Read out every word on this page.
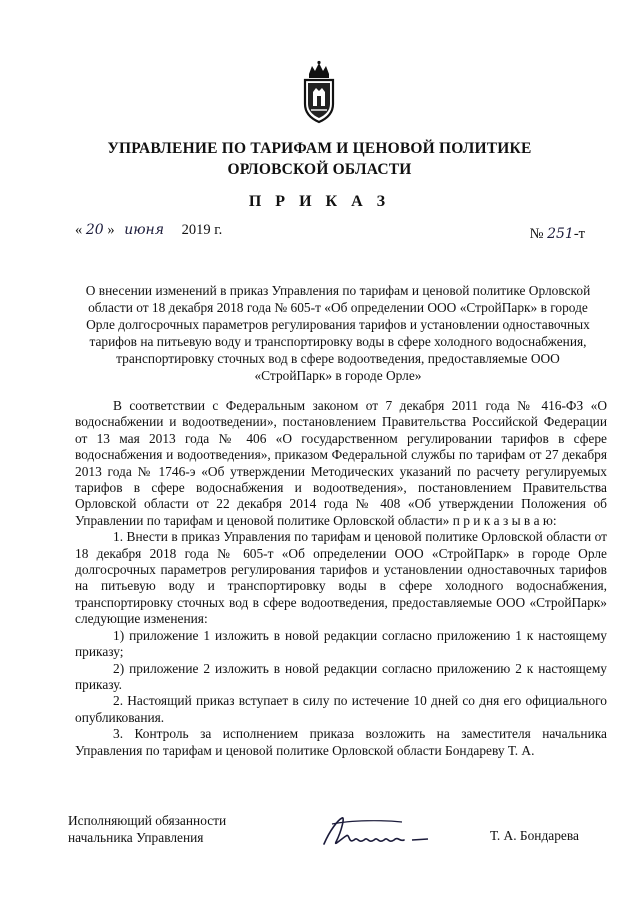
УПРАВЛЕНИЕ ПО ТАРИФАМ И ЦЕНОВОЙ ПОЛИТИКЕ
ОРЛОВСКОЙ ОБЛАСТИ
П Р И К А З
« 20 » июня 2019 г.	№ 251-т
О внесении изменений в приказ Управления по тарифам и ценовой политике Орловской области от 18 декабря 2018 года № 605-т «Об определении ООО «СтройПарк» в городе Орле долгосрочных параметров регулирования тарифов и установлении одноставочных тарифов на питьевую воду и транспортировку воды в сфере холодного водоснабжения, транспортировку сточных вод в сфере водоотведения, предоставляемые ООО «СтройПарк» в городе Орле»

В соответствии с Федеральным законом от 7 декабря 2011 года № 416-ФЗ «О водоснабжении и водоотведении», постановлением Правительства Российской Федерации от 13 мая 2013 года № 406 «О государственном регулировании тарифов в сфере водоснабжения и водоотведения», приказом Федеральной службы по тарифам от 27 декабря 2013 года № 1746-э «Об утверждении Методических указаний по расчету регулируемых тарифов в сфере водоснабжения и водоотведения», постановлением Правительства Орловской области от 22 декабря 2014 года № 408 «Об утверждении Положения об Управлении по тарифам и ценовой политике Орловской области» п р и к а з ы в а ю:

1. Внести в приказ Управления по тарифам и ценовой политике Орловской области от 18 декабря 2018 года № 605-т «Об определении ООО «СтройПарк» в городе Орле долгосрочных параметров регулирования тарифов и установлении одноставочных тарифов на питьевую воду и транспортировку воды в сфере холодного водоснабжения, транспортировку сточных вод в сфере водоотведения, предоставляемые ООО «СтройПарк» следующие изменения:

1) приложение 1 изложить в новой редакции согласно приложению 1 к настоящему приказу;

2) приложение 2 изложить в новой редакции согласно приложению 2 к настоящему приказу.

2. Настоящий приказ вступает в силу по истечение 10 дней со дня его официального опубликования.

3. Контроль за исполнением приказа возложить на заместителя начальника Управления по тарифам и ценовой политике Орловской области Бондареву Т. А.

Исполняющий обязанности
начальника Управления	Т. А. Бондарева
